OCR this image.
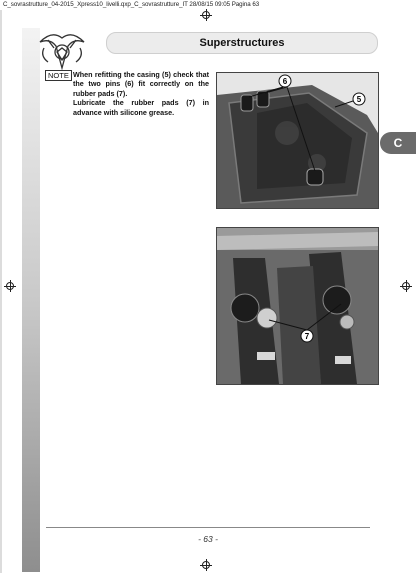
C_sovrastrutture_04-2015_Xpress10_livelli.qxp_C_sovrastrutture_IT 28/08/15 09:05 Pagina 63
Superstructures
NOTE When refitting the casing (5) check that the two pins (6) fit correctly on the rubber pads (7).

Lubricate the rubber pads (7) in advance with silicone grease.

6
5
7
C
- 63 -
